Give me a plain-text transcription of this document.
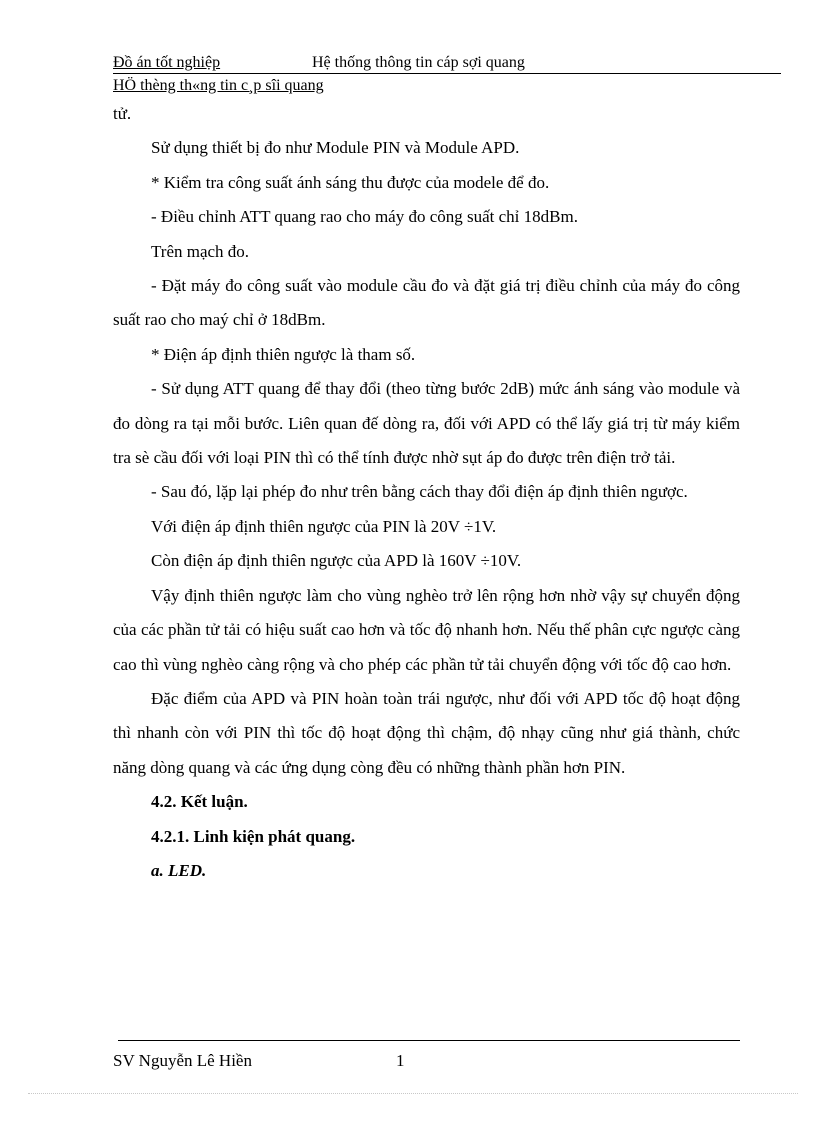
Đồ án tốt nghiệp	Hệ thống thông tin cáp sợi quang
HÖ thèng th«ng tin c¸p sîi quang

tử.

Sử dụng thiết bị đo như Module PIN và Module APD.

* Kiểm tra công suất ánh sáng thu được của modele để đo.

- Điều chỉnh ATT quang rao cho máy đo công suất chỉ 18dBm.

Trên mạch đo.

- Đặt máy đo công suất vào module cầu đo và đặt giá trị điều chỉnh của máy đo công suất rao cho maý chỉ ở 18dBm.

* Điện áp định thiên ngược là tham số.

- Sử dụng ATT quang để thay đổi (theo từng bước 2dB) mức ánh sáng vào module và đo dòng ra tại mỗi bước. Liên quan đế dòng ra, đối với APD có thể lấy giá trị từ máy kiểm tra sè cầu đối với loại PIN thì có thể tính được nhờ sụt áp đo được trên điện trở tải.

- Sau đó, lặp lại phép đo như trên bằng cách thay đổi điện áp định thiên ngược.

Với điện áp định thiên ngược của PIN là 20V ÷1V.

Còn điện áp định thiên ngược của APD là 160V ÷10V.

Vậy định thiên ngược làm cho vùng nghèo trở lên rộng hơn nhờ vậy sự chuyển động của các phần tử tải có hiệu suất cao hơn và tốc độ nhanh hơn. Nếu thế phân cực ngược càng cao thì vùng nghèo càng rộng và cho phép các phần tử tải chuyển động với tốc độ cao hơn.

Đặc điểm của APD và PIN hoàn toàn trái ngược, như đối với APD tốc độ hoạt động thì nhanh còn với PIN thì tốc độ hoạt động thì chậm, độ nhạy cũng như giá thành, chức năng dòng quang và các ứng dụng còng đều có những thành phần hơn PIN.

4.2. Kết luận.

4.2.1. Linh kiện phát quang.

a. LED.

SV Nguyễn Lê Hiền	1
